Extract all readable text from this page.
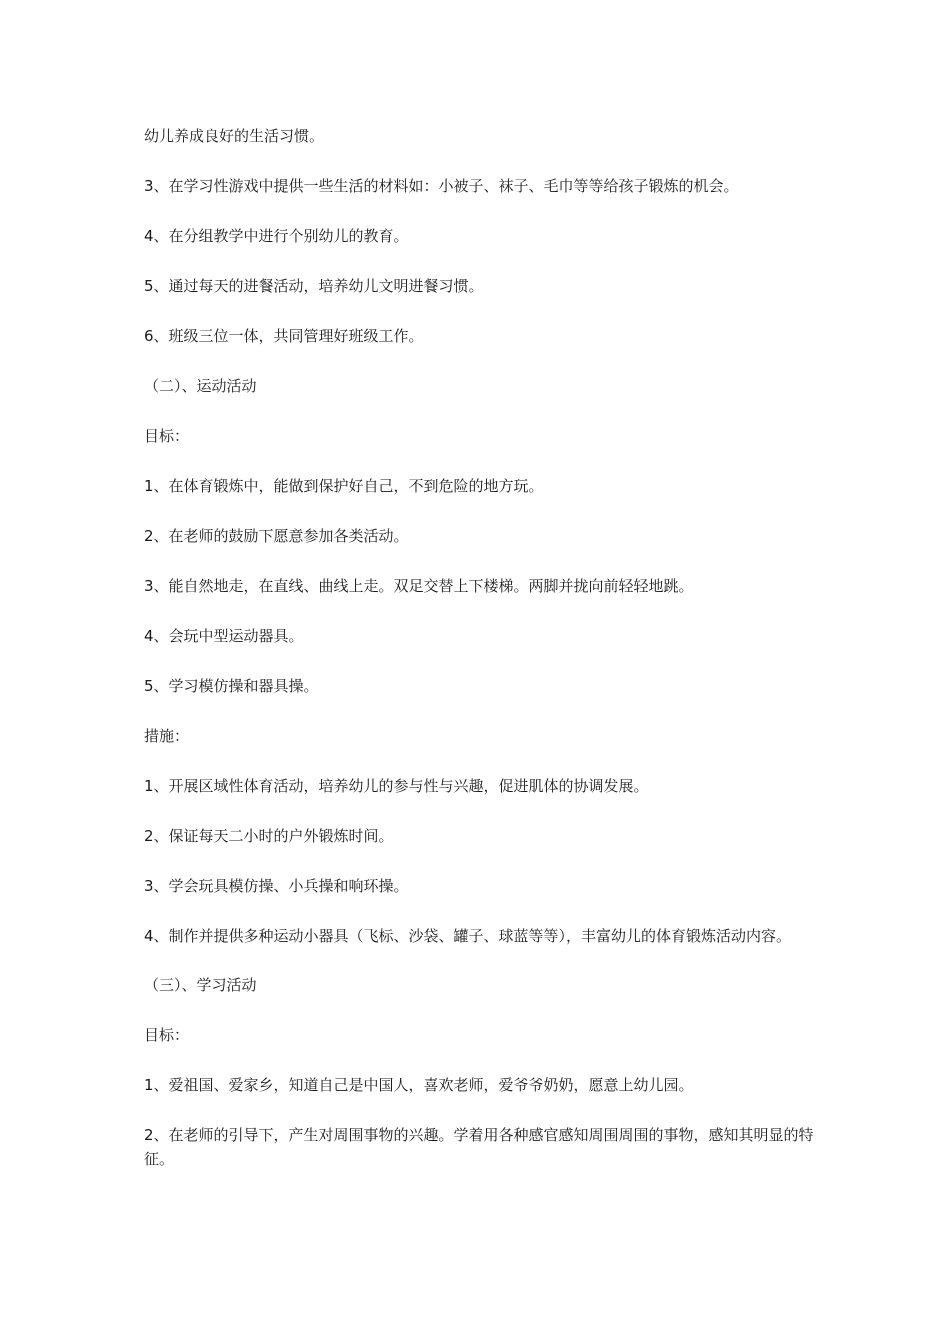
幼儿养成良好的生活习惯。

3、在学习性游戏中提供一些生活的材料如：小被子、袜子、毛巾等等给孩子锻炼的机会。

4、在分组教学中进行个别幼儿的教育。

5、通过每天的进餐活动，培养幼儿文明进餐习惯。

6、班级三位一体，共同管理好班级工作。

（二）、运动活动

目标：

1、在体育锻炼中，能做到保护好自己，不到危险的地方玩。

2、在老师的鼓励下愿意参加各类活动。

3、能自然地走，在直线、曲线上走。双足交替上下楼梯。两脚并拢向前轻轻地跳。

4、会玩中型运动器具。

5、学习模仿操和器具操。

措施：

1、开展区域性体育活动，培养幼儿的参与性与兴趣，促进肌体的协调发展。

2、保证每天二小时的户外锻炼时间。

3、学会玩具模仿操、小兵操和响环操。

4、制作并提供多种运动小器具（飞标、沙袋、罐子、球蓝等等），丰富幼儿的体育锻炼活动内容。

（三）、学习活动

目标：

1、爱祖国、爱家乡，知道自己是中国人，喜欢老师，爱爷爷奶奶，愿意上幼儿园。

2、在老师的引导下，产生对周围事物的兴趣。学着用各种感官感知周围周围的事物，感知其明显的特征。
